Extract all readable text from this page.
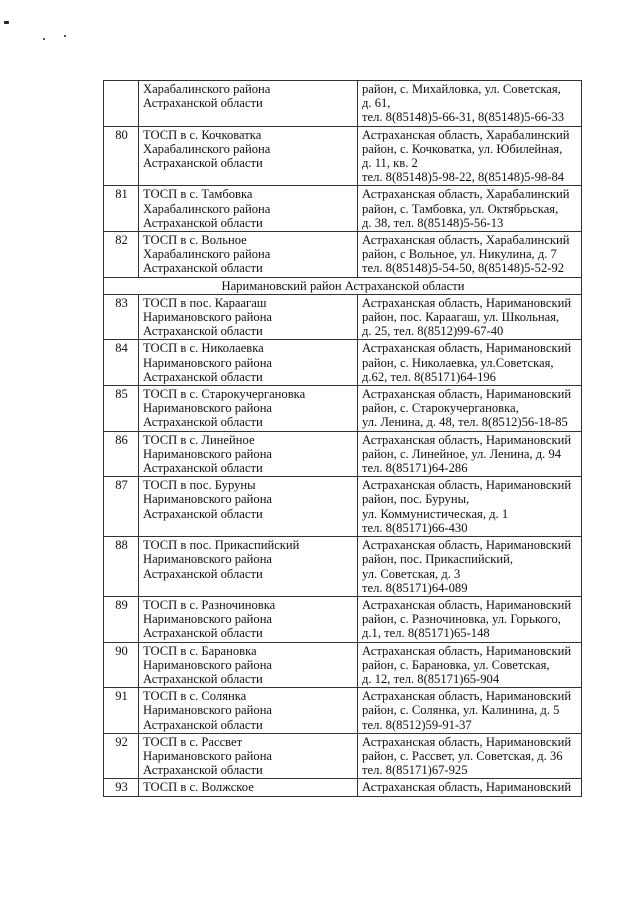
	Харабалинского района
Астраханской области	район, с. Михайловка, ул. Советская,
д. 61,
тел. 8(85148)5-66-31, 8(85148)5-66-33

80	ТОСП в с. Кочковатка
Харабалинского района
Астраханской области	Астраханская область, Харабалинский
район, с. Кочковатка, ул. Юбилейная,
д. 11, кв. 2
тел. 8(85148)5-98-22, 8(85148)5-98-84

81	ТОСП в с. Тамбовка
Харабалинского района
Астраханской области	Астраханская область, Харабалинский
район, с. Тамбовка, ул. Октябрьская,
д. 38, тел. 8(85148)5-56-13

82	ТОСП в с. Вольное
Харабалинского района
Астраханской области	Астраханская область, Харабалинский
район, с Вольное, ул. Никулина, д. 7
тел. 8(85148)5-54-50, 8(85148)5-52-92

Наримановский район Астраханской области		
83	ТОСП в пос. Караагаш
Наримановского района
Астраханской области	Астраханская область, Наримановский
район, пос. Караагаш, ул. Школьная,
д. 25, тел. 8(8512)99-67-40

84	ТОСП в с. Николаевка
Наримановского района
Астраханской области	Астраханская область, Наримановский
район, с. Николаевка, ул.Советская,
д.62, тел. 8(85171)64-196

85	ТОСП в с. Старокучергановка
Наримановского района
Астраханской области	Астраханская область, Наримановский
район, с. Старокучергановка,
ул. Ленина, д. 48, тел. 8(8512)56-18-85

86	ТОСП в с. Линейное
Наримановского района
Астраханской области	Астраханская область, Наримановский
район, с. Линейное, ул. Ленина, д. 94
тел. 8(85171)64-286

87	ТОСП в пос. Буруны
Наримановского района
Астраханской области	Астраханская область, Наримановский
район, пос. Буруны,
ул. Коммунистическая, д. 1
тел. 8(85171)66-430

88	ТОСП в пос. Прикаспийский
Наримановского района
Астраханской области	Астраханская область, Наримановский
район, пос. Прикаспийский,
ул. Советская, д. 3
тел. 8(85171)64-089

89	ТОСП в с. Разночиновка
Наримановского района
Астраханской области	Астраханская область, Наримановский
район, с. Разночиновка, ул. Горького,
д.1, тел. 8(85171)65-148

90	ТОСП в с. Барановка
Наримановского района
Астраханской области	Астраханская область, Наримановский
район, с. Барановка, ул. Советская,
д. 12, тел. 8(85171)65-904

91	ТОСП в с. Солянка
Наримановского района
Астраханской области	Астраханская область, Наримановский
район, с. Солянка, ул. Калинина, д. 5
тел. 8(8512)59-91-37

92	ТОСП в с. Рассвет
Наримановского района
Астраханской области	Астраханская область, Наримановский
район, с. Рассвет, ул. Советская, д. 36
тел. 8(85171)67-925

93	ТОСП в с. Волжское	Астраханская область, Наримановский
